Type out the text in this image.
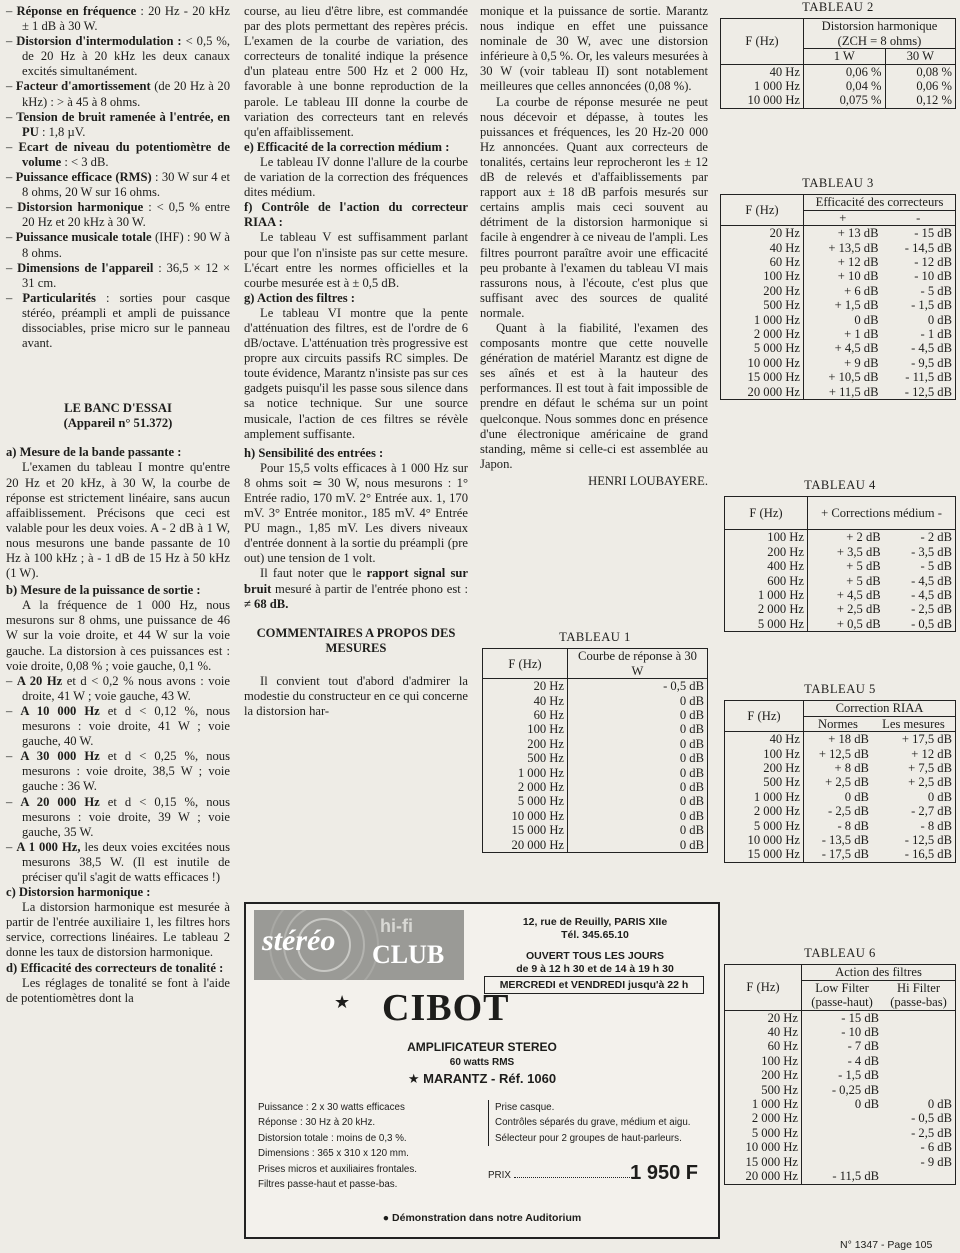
– Réponse en fréquence : 20 Hz - 20 kHz ± 1 dB à 30 W.

– Distorsion d'intermodulation : < 0,5 %, de 20 Hz à 20 kHz les deux canaux excités simultanément.

– Facteur d'amortissement (de 20 Hz à 20 kHz) : > à 45 à 8 ohms.

– Tension de bruit ramenée à l'entrée, en PU : 1,8 µV.

– Ecart de niveau du potentiomètre de volume : < 3 dB.

– Puissance efficace (RMS) : 30 W sur 4 et 8 ohms, 20 W sur 16 ohms.

– Distorsion harmonique : < 0,5 % entre 20 Hz et 20 kHz à 30 W.

– Puissance musicale totale (IHF) : 90 W à 8 ohms.

– Dimensions de l'appareil : 36,5 × 12 × 31 cm.

– Particularités : sorties pour casque stéréo, préampli et ampli de puissance dissociables, prise micro sur le panneau avant.

LE BANC D'ESSAI
(Appareil n° 51.372)

a) Mesure de la bande passante :

L'examen du tableau I montre qu'entre 20 Hz et 20 kHz, à 30 W, la courbe de réponse est strictement linéaire, sans aucun affaiblissement. Précisons que ceci est valable pour les deux voies. A - 2 dB à 1 W, nous mesurons une bande passante de 10 Hz à 100 kHz ; à - 1 dB de 15 Hz à 50 kHz (1 W).

b) Mesure de la puissance de sortie :

A la fréquence de 1 000 Hz, nous mesurons sur 8 ohms, une puissance de 46 W sur la voie droite, et 44 W sur la voie gauche. La distorsion à ces puissances est : voie droite, 0,08 % ; voie gauche, 0,1 %.

– A 20 Hz et d < 0,2 % nous avons : voie droite, 41 W ; voie gauche, 43 W.

– A 10 000 Hz et d < 0,12 %, nous mesurons : voie droite, 41 W ; voie gauche, 40 W.

– A 30 000 Hz et d < 0,25 %, nous mesurons : voie droite, 38,5 W ; voie gauche : 36 W.

– A 20 000 Hz et d < 0,15 %, nous mesurons : voie droite, 39 W ; voie gauche, 35 W.

– A 1 000 Hz, les deux voies excitées nous mesurons 38,5 W. (Il est inutile de préciser qu'il s'agit de watts efficaces !)

c) Distorsion harmonique :

La distorsion harmonique est mesurée à partir de l'entrée auxiliaire 1, les filtres hors service, corrections linéaires. Le tableau 2 donne les taux de distorsion harmonique.

d) Efficacité des correcteurs de tonalité :

Les réglages de tonalité se font à l'aide de potentiomètres dont la

course, au lieu d'être libre, est commandée par des plots permettant des repères précis. L'examen de la courbe de variation, des correcteurs de tonalité indique la présence d'un plateau entre 500 Hz et 2 000 Hz, favorable à une bonne reproduction de la parole. Le tableau III donne la courbe de variation des correcteurs tant en relevés qu'en affaiblissement.

e) Efficacité de la correction médium :

Le tableau IV donne l'allure de la courbe de variation de la correction des fréquences dites médium.

f) Contrôle de l'action du correcteur RIAA :

Le tableau V est suffisamment parlant pour que l'on n'insiste pas sur cette mesure. L'écart entre les normes officielles et la courbe mesurée est à ± 0,5 dB.

g) Action des filtres :

Le tableau VI montre que la pente d'atténuation des filtres, est de l'ordre de 6 dB/octave. L'atténuation très progressive est propre aux circuits passifs RC simples. De toute évidence, Marantz n'insiste pas sur ces gadgets puisqu'il les passe sous silence dans sa notice technique. Sur une source musicale, l'action de ces filtres se révèle amplement suffisante.

h) Sensibilité des entrées :

Pour 15,5 volts efficaces à 1 000 Hz sur 8 ohms soit ≃ 30 W, nous mesurons : 1° Entrée radio, 170 mV. 2° Entrée aux. 1, 170 mV. 3° Entrée monitor., 185 mV. 4° Entrée PU magn., 1,85 mV. Les divers niveaux d'entrée donnent à la sortie du préampli (pre out) une tension de 1 volt.

Il faut noter que le rapport signal sur bruit mesuré à partir de l'entrée phono est : ≠ 68 dB.

COMMENTAIRES A PROPOS DES MESURES

Il convient tout d'abord d'admirer la modestie du constructeur en ce qui concerne la distorsion har-

monique et la puissance de sortie. Marantz nous indique en effet une puissance nominale de 30 W, avec une distorsion inférieure à 0,5 %. Or, les valeurs mesurées à 30 W (voir tableau II) sont notablement meilleures que celles annoncées (0,08 %).

La courbe de réponse mesurée ne peut nous décevoir et dépasse, à toutes les puissances et fréquences, les 20 Hz-20 000 Hz annoncées. Quant aux correcteurs de tonalités, certains leur reprocheront les ± 12 dB de relevés et d'affaiblissements par rapport aux ± 18 dB parfois mesurés sur certains amplis mais ceci souvent au détriment de la distorsion harmonique si facile à engendrer à ce niveau de l'ampli. Les filtres pourront paraître avoir une efficacité peu probante à l'examen du tableau VI mais rassurons nous, à l'écoute, c'est plus que suffisant avec des sources de qualité normale.

Quant à la fiabilité, l'examen des composants montre que cette nouvelle génération de matériel Marantz est digne de ses aînés et est à la hauteur des performances. Il est tout à fait impossible de prendre en défaut le schéma sur un point quelconque. Nous sommes donc en présence d'une électronique américaine de grand standing, même si celle-ci est assemblée au Japon.

HENRI LOUBAYERE.

TABLEAU 1
F (Hz)	Courbe de réponse à 30 W
20 Hz	- 0,5 dB
40 Hz	0 dB
60 Hz	0 dB
100 Hz	0 dB
200 Hz	0 dB
500 Hz	0 dB
1 000 Hz	0 dB
2 000 Hz	0 dB
5 000 Hz	0 dB
10 000 Hz	0 dB
15 000 Hz	0 dB
20 000 Hz	0 dB
TABLEAU 2
F (Hz)	Distorsion harmonique (ZCH = 8 ohms)	
	1 W	30 W
40 Hz	0,06 %	0,08 %
1 000 Hz	0,04 %	0,06 %
10 000 Hz	0,075 %	0,12 %
TABLEAU 3
F (Hz)	Efficacité des correcteurs	
	+	-
20 Hz	+ 13 dB	- 15 dB
40 Hz	+ 13,5 dB	- 14,5 dB
60 Hz	+ 12 dB	- 12 dB
100 Hz	+ 10 dB	- 10 dB
200 Hz	+ 6 dB	- 5 dB
500 Hz	+ 1,5 dB	- 1,5 dB
1 000 Hz	0 dB	0 dB
2 000 Hz	+ 1 dB	- 1 dB
5 000 Hz	+ 4,5 dB	- 4,5 dB
10 000 Hz	+ 9 dB	- 9,5 dB
15 000 Hz	+ 10,5 dB	- 11,5 dB
20 000 Hz	+ 11,5 dB	- 12,5 dB
TABLEAU 4
F (Hz)	+ Corrections médium -	
100 Hz	+ 2 dB	- 2 dB
200 Hz	+ 3,5 dB	- 3,5 dB
400 Hz	+ 5 dB	- 5 dB
600 Hz	+ 5 dB	- 4,5 dB
1 000 Hz	+ 4,5 dB	- 4,5 dB
2 000 Hz	+ 2,5 dB	- 2,5 dB
5 000 Hz	+ 0,5 dB	- 0,5 dB
TABLEAU 5
F (Hz)	Correction RIAA	
	Normes	Les mesures
40 Hz	+ 18 dB	+ 17,5 dB
100 Hz	+ 12,5 dB	+ 12 dB
200 Hz	+ 8 dB	+ 7,5 dB
500 Hz	+ 2,5 dB	+ 2,5 dB
1 000 Hz	0 dB	0 dB
2 000 Hz	- 2,5 dB	- 2,7 dB
5 000 Hz	- 8 dB	- 8 dB
10 000 Hz	- 13,5 dB	- 12,5 dB
15 000 Hz	- 17,5 dB	- 16,5 dB
TABLEAU 6
F (Hz)	Action des filtres	
	Low Filter (passe-haut)	Hi Filter (passe-bas)
20 Hz	- 15 dB	
40 Hz	- 10 dB	
60 Hz	- 7 dB	
100 Hz	- 4 dB	
200 Hz	- 1,5 dB	
500 Hz	- 0,25 dB	
1 000 Hz	0 dB	0 dB
2 000 Hz		- 0,5 dB
5 000 Hz		- 2,5 dB
10 000 Hz		- 6 dB
15 000 Hz		- 9 dB
20 000 Hz	- 11,5 dB	
stéréo hi-fi
CLUB
★ CIBOT
12, rue de Reuilly, PARIS XIIe
Tél. 345.65.10
OUVERT TOUS LES JOURS
de 9 à 12 h 30 et de 14 à 19 h 30
MERCREDI et VENDREDI jusqu'à 22 h
AMPLIFICATEUR STEREO
60 watts RMS
★ MARANTZ - Réf. 1060
Puissance : 2 x 30 watts efficaces
Réponse : 30 Hz à 20 kHz.
Distorsion totale : moins de 0,3 %.
Dimensions : 365 x 310 x 120 mm.
Prises micros et auxiliaires frontales.
Filtres passe-haut et passe-bas.
Prise casque.
Contrôles séparés du grave, médium et aigu.
Sélecteur pour 2 groupes de haut-parleurs.
PRIX	1 950 F
● Démonstration dans notre Auditorium
N° 1347 - Page 105
